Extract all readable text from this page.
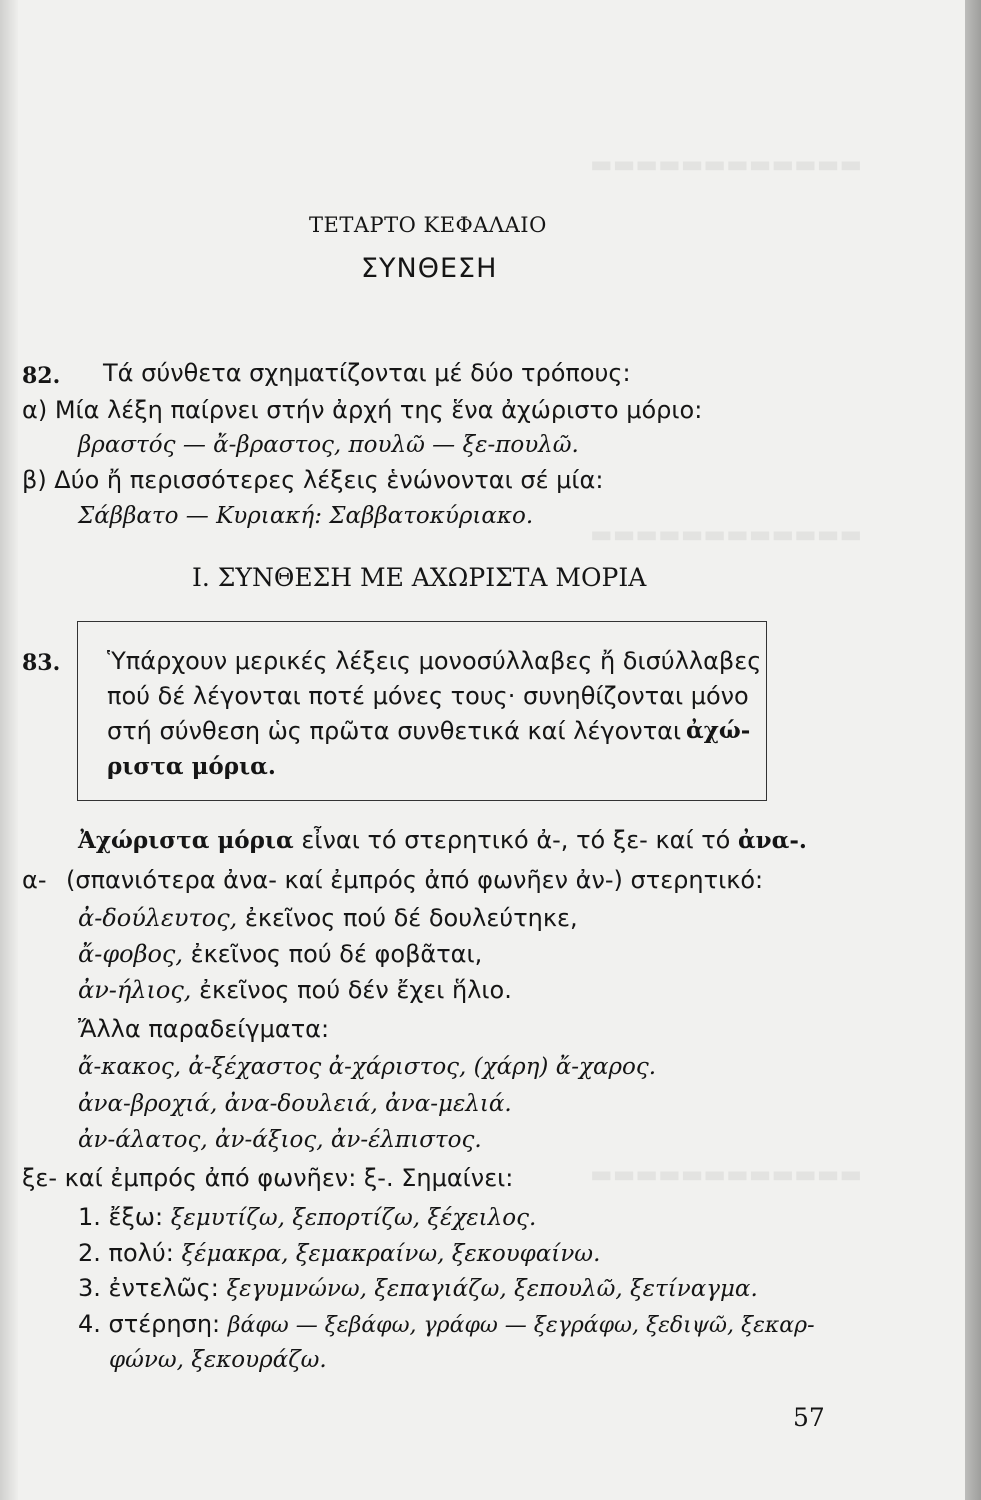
▬▬▬▬▬▬▬▬▬▬▬▬
▬▬▬▬▬▬▬▬▬▬▬▬
▬▬▬▬▬▬▬▬▬▬▬▬
ΤΕΤΑΡΤΟ ΚΕΦΑΛΑΙΟ
ΣΥΝΘΕΣΗ
82. Τά σύνθετα σχηματίζονται μέ δύο τρόπους:
α) Μία λέξη παίρνει στήν ἀρχή της ἕνα ἀχώριστο μόριο:
βραστός — ἄ-βραστος, πουλῶ — ξε-πουλῶ.
β) Δύο ἤ περισσότερες λέξεις ἑνώνονται σέ μία:
Σάββατο — Κυριακή: Σαββατοκύριακο.
Ι. ΣΥΝΘΕΣΗ ΜΕ ΑΧΩΡΙΣΤΑ ΜΟΡΙΑ
83. Ὑπάρχουν μερικές λέξεις μονοσύλλαβες ἤ δισύλλαβες
πού δέ λέγονται ποτέ μόνες τους· συνηθίζονται μόνο
στή σύνθεση ὡς πρῶτα συνθετικά καί λέγονται ἀχώ-
ριστα μόρια.
Ἀχώριστα μόρια εἶναι τό στερητικό ἀ-, τό ξε- καί τό ἀνα-.
α- (σπανιότερα ἀνα- καί ἐμπρός ἀπό φωνῆεν ἀν-) στερητικό:
ἀ-δούλευτος, ἐκεῖνος πού δέ δουλεύτηκε,
ἄ-φοβος, ἐκεῖνος πού δέ φοβᾶται,
ἀν-ήλιος, ἐκεῖνος πού δέν ἔχει ἥλιο.
Ἄλλα παραδείγματα:
ἄ-κακος, ἀ-ξέχαστος ἀ-χάριστος, (χάρη) ἄ-χαρος.
ἀνα-βροχιά, ἀνα-δουλειά, ἀνα-μελιά.
ἀν-άλατος, ἀν-άξιος, ἀν-έλπιστος.
ξε- καί ἐμπρός ἀπό φωνῆεν: ξ-. Σημαίνει:
1. ἔξω: ξεμυτίζω, ξεπορτίζω, ξέχειλος.
2. πολύ: ξέμακρα, ξεμακραίνω, ξεκουφαίνω.
3. ἐντελῶς: ξεγυμνώνω, ξεπαγιάζω, ξεπουλῶ, ξετίναγμα.
4. στέρηση: βάφω — ξεβάφω, γράφω — ξεγράφω, ξεδιψῶ, ξεκαρ-
φώνω, ξεκουράζω.
57
